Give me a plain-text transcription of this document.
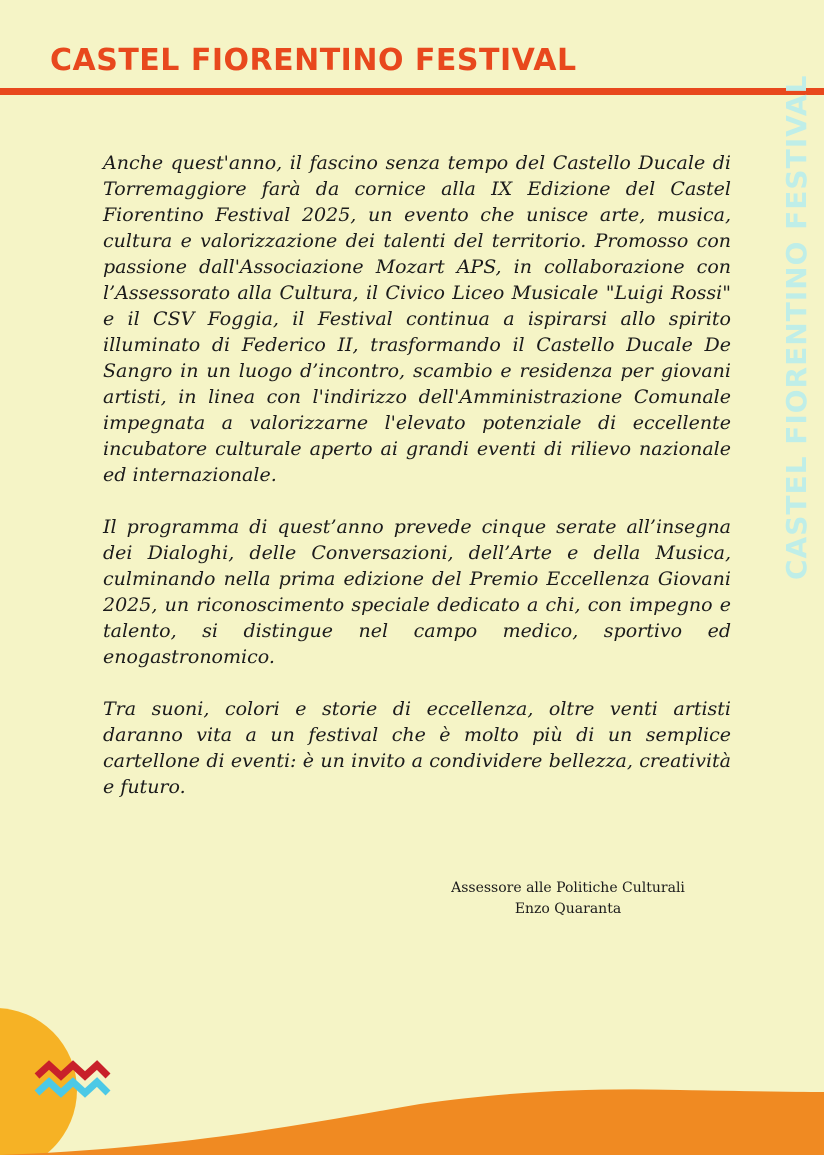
CASTEL FIORENTINO FESTIVAL
CASTEL FIORENTINO FESTIVAL

Anche quest'anno, il fascino senza tempo del Castello Ducale di Torremaggiore farà da cornice alla IX Edizione del Castel Fiorentino Festival 2025, un evento che unisce arte, musica, cultura e valorizzazione dei talenti del territorio. Promosso con passione dall'Associazione Mozart APS, in collaborazione con l’Assessorato alla Cultura, il Civico Liceo Musicale "Luigi Rossi" e il CSV Foggia, il Festival continua a ispirarsi allo spirito illuminato di Federico II, trasformando il Castello Ducale De Sangro in un luogo d’incontro, scambio e residenza per giovani artisti, in linea con l'indirizzo dell'Amministrazione Comunale impegnata a valorizzarne l'elevato potenziale di eccellente incubatore culturale aperto ai grandi eventi di rilievo nazionale ed internazionale.

Il programma di quest’anno prevede cinque serate all’insegna dei Dialoghi, delle Conversazioni, dell’Arte e della Musica, culminando nella prima edizione del Premio Eccellenza Giovani 2025, un riconoscimento speciale dedicato a chi, con impegno e talento, si distingue nel campo medico, sportivo ed enogastronomico.

Tra suoni, colori e storie di eccellenza, oltre venti artisti daranno vita a un festival che è molto più di un semplice cartellone di eventi: è un invito a condividere bellezza, creatività e futuro.

Assessore alle Politiche Culturali
Enzo Quaranta
